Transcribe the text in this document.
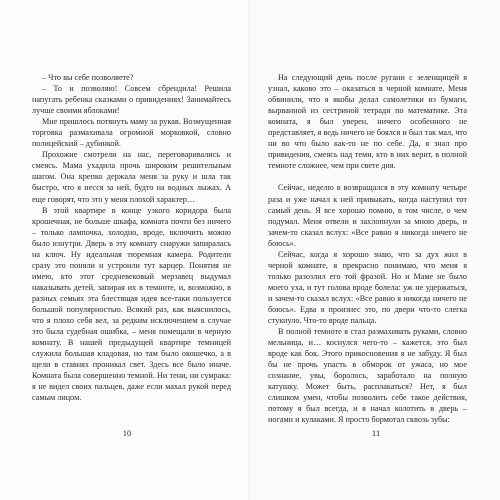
– Что вы себе позволяете?

– То и позволяю! Совсем сбрендила! Решила напугать ребенка сказками о привидениях! Занимайтесь лучше своими яблоками!

Мне пришлось потянуть маму за рукав. Возмущенная торговка размахивала огромной морковкой, словно полицейский – дубинкой.

Прохожие смотрели на нас, переговаривались и смеясь. Мама ухадила прочь широким решительным шагом. Она крепко держала меня за руку и шла так быстро, что я несся за ней, будто на водных лыжах. А еще говорят, что это у меня плохой характер…

В этой квартире в конце узкого коридора была крошечная, не больше шкафа, комната почти без ничего – только лампочка, холодно, вроде, включить можно было изнутри. Дверь в эту комнату снаружи запиралась на ключ. Ну идеальная тюремная камера. Родители сразу это поняли и устроили тут карцер. Понятия не имею, кто этот средневековый мерзавец выдумал наказывать детей, запирая их в темноте, и, возможно, в разных семьях эта блестящая идея все-таки пользуется большой популярностью. Всякий раз, как выяснилось, что я плохо себя вел, за редким исключением в случае это была судебная ошибка, – меня помещали в черную комнату. В нашей предыдущей квартире темницей служила большая кладовая, но там было окошечко, а в щели в ставнях проникал свет. Здесь все было иначе. Комната была совершенно темной. Ни тени, ни сумрака: я не видел своих пальцев, даже если махал рукой перед самым лицом.

10

На следующий день после ругани с зеленщицей я узнал, каково это – оказаться в черной комнате. Меня обвинили, что я якобы делал самолетики из бумаги, вырванной из сестриной тетради по математике. Эта комната, я был уверен, ничего особенного не представляет, я ведь ничего не боялся и был так мал, что ни во что было как-то не по себе. Да, я знал про привидения, смеясь над теми, кто в них верит, в полной темноте сложнее, чем при свете дня.

Сейчас, неделю в возвращался в эту комнату четыре раза и уже начал к ней привыкать, когда наступил тот самый день. Я все хорошо помню, в том числе, о чем подумал. Меня отвели и захлопнули за мною дверь, и зачем-то сказал вслух: «Все равно я никогда ничего не боюсь».

Сейчас, когда я хорошо знаю, что за дух жил в черной комнате, я прекрасно понимаю, что меня я только разозлил его той фразой. Но и Маме не было моего уха, и тут голова вроде болела: уж не удержаться, и зачем-то сказал вслух: «Все равно я никогда ничего не боюсь». Едва я произнес это, по двери что-то слегка стукнуло. Что-то вроде пальца.

В полной темноте я стал размахивать руками, словно мельница, и… коснулся чего-то – кажется, это был вроде как бок. Этого прикосновения я не забуду. Я был бы не прочь упасть в обморок от ужаса, но мое сознание, увы, боролось, заработало на полную катушку. Может быть, расплакаться? Нет, я был слишком умен, чтобы позволить себе такое действия, потому я был всегда, и я начал колотить в дверь – ногами и кулаками. Я просто бормотал сквозь зубы:

11
